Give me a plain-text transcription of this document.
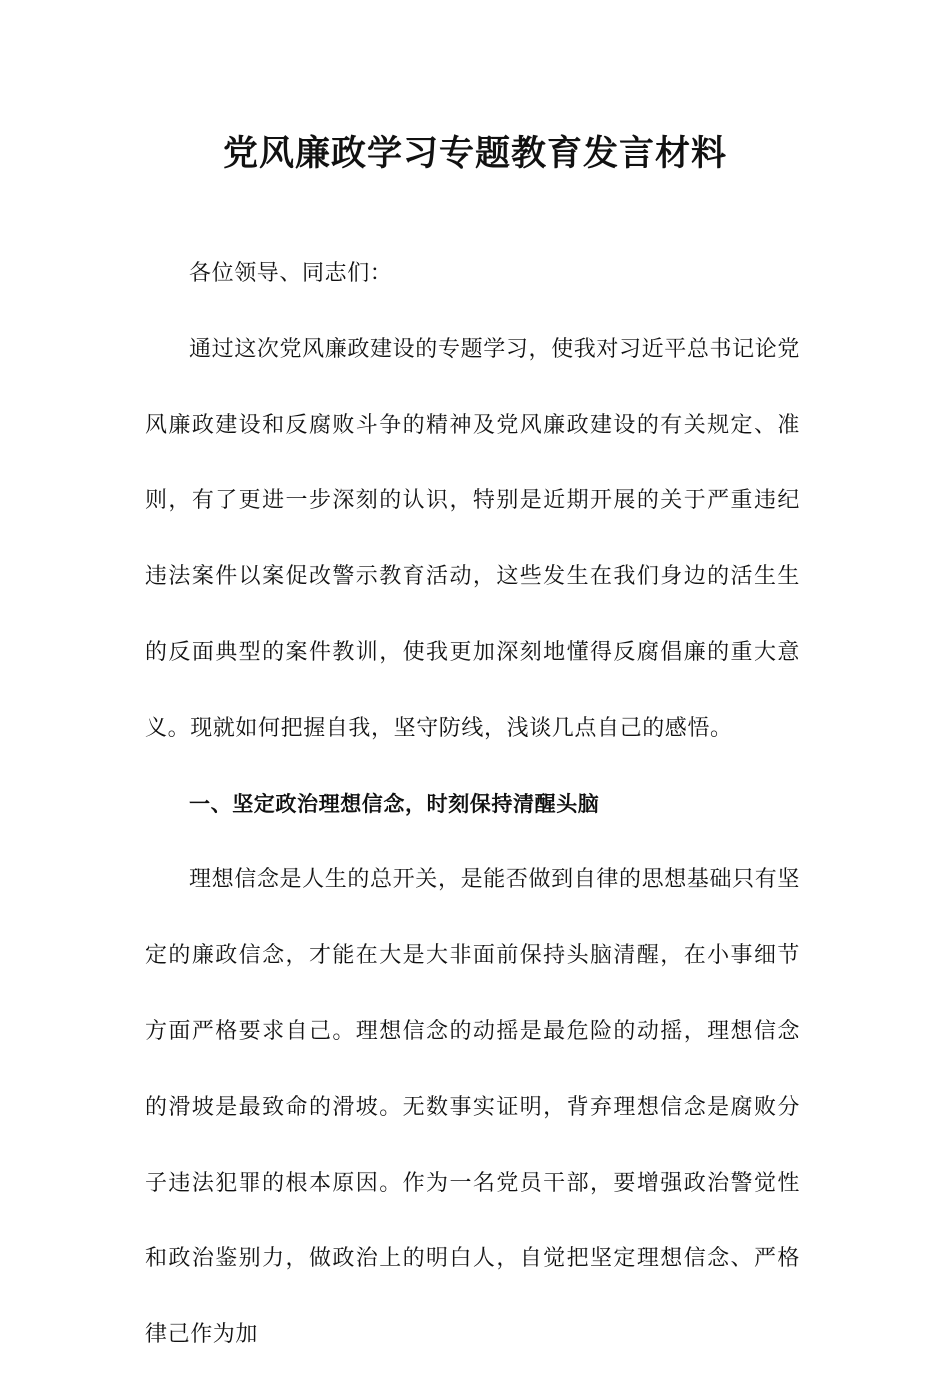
党风廉政学习专题教育发言材料

各位领导、同志们：

通过这次党风廉政建设的专题学习，使我对习近平总书记论党风廉政建设和反腐败斗争的精神及党风廉政建设的有关规定、准则，有了更进一步深刻的认识，特别是近期开展的关于严重违纪违法案件以案促改警示教育活动，这些发生在我们身边的活生生的反面典型的案件教训，使我更加深刻地懂得反腐倡廉的重大意义。现就如何把握自我，坚守防线，浅谈几点自己的感悟。

一、坚定政治理想信念，时刻保持清醒头脑

理想信念是人生的总开关，是能否做到自律的思想基础只有坚定的廉政信念，才能在大是大非面前保持头脑清醒，在小事细节方面严格要求自己。理想信念的动摇是最危险的动摇，理想信念的滑坡是最致命的滑坡。无数事实证明，背弃理想信念是腐败分子违法犯罪的根本原因。作为一名党员干部，要增强政治警觉性和政治鉴别力，做政治上的明白人，自觉把坚定理想信念、严格律己作为加
